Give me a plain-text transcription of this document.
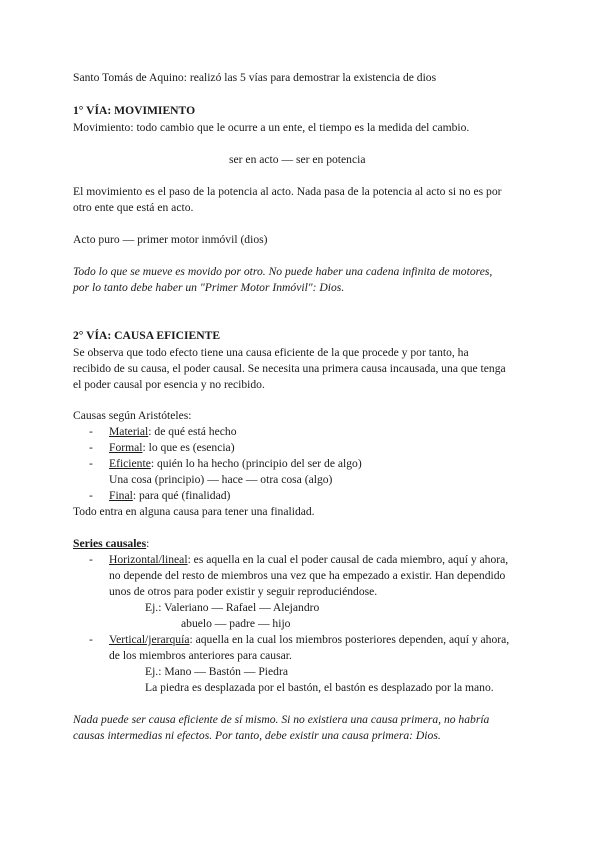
Santo Tomás de Aquino: realizó las 5 vías para demostrar la existencia de dios
1° VÍA: MOVIMIENTO
Movimiento: todo cambio que le ocurre a un ente, el tiempo es la medida del cambio.
ser en acto — ser en potencia
El movimiento es el paso de la potencia al acto. Nada pasa de la potencia al acto si no es por
otro ente que está en acto.
Acto puro — primer motor inmóvil (dios)
Todo lo que se mueve es movido por otro. No puede haber una cadena infinita de motores,
por lo tanto debe haber un "Primer Motor Inmóvil": Dios.
2° VÍA: CAUSA EFICIENTE
Se observa que todo efecto tiene una causa eficiente de la que procede y por tanto, ha
recibido de su causa, el poder causal. Se necesita una primera causa incausada, una que tenga
el poder causal por esencia y no recibido.
Causas según Aristóteles:
- Material: de qué está hecho
- Formal: lo que es (esencia)
- Eficiente: quién lo ha hecho (principio del ser de algo)
Una cosa (principio) — hace — otra cosa (algo)
- Final: para qué (finalidad)
Todo entra en alguna causa para tener una finalidad.
Series causales:
- Horizontal/lineal: es aquella en la cual el poder causal de cada miembro, aquí y ahora,
no depende del resto de miembros una vez que ha empezado a existir. Han dependido
unos de otros para poder existir y seguir reproduciéndose.
Ej.: Valeriano — Rafael — Alejandro
abuelo — padre — hijo
- Vertical/jerarquía: aquella en la cual los miembros posteriores dependen, aquí y ahora,
de los miembros anteriores para causar.
Ej.: Mano — Bastón — Piedra
La piedra es desplazada por el bastón, el bastón es desplazado por la mano.
Nada puede ser causa eficiente de sí mismo. Si no existiera una causa primera, no habría
causas intermedias ni efectos. Por tanto, debe existir una causa primera: Dios.
